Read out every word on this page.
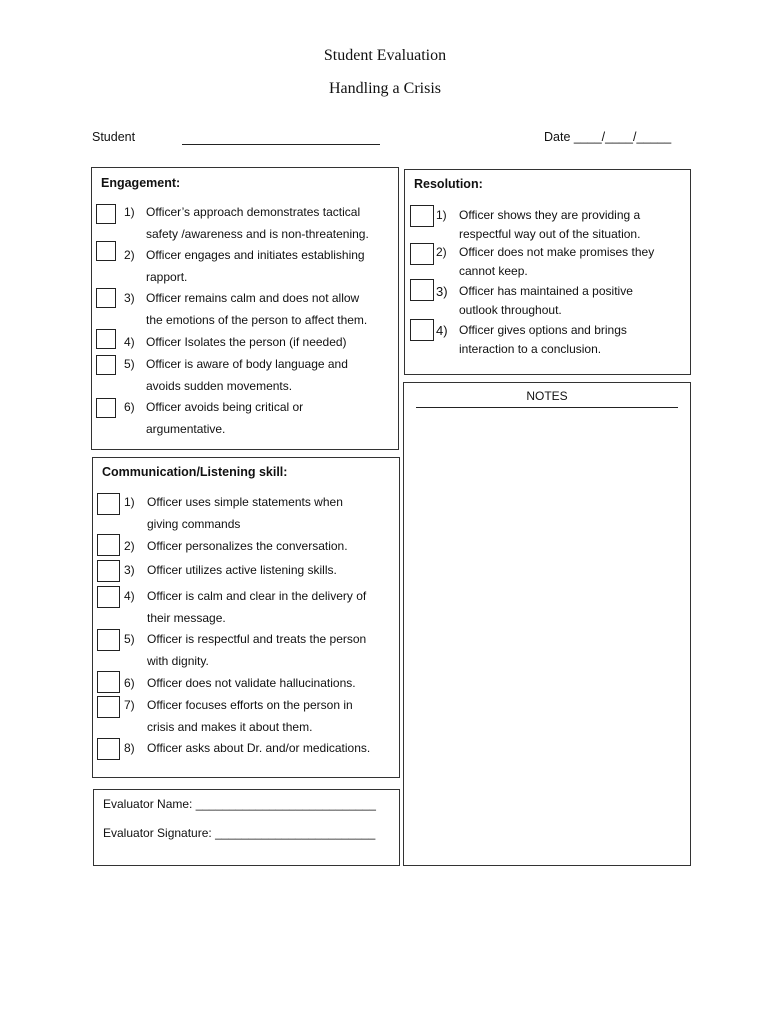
Student Evaluation
Handling a Crisis
Student	Date ____/____/_____
Engagement:
1) Officer’s approach demonstrates tactical
safety /awareness and is non-threatening.
2) Officer engages and initiates establishing
rapport.
3) Officer remains calm and does not allow
the emotions of the person to affect them.
4) Officer Isolates the person (if needed)
5) Officer is aware of body language and
avoids sudden movements.
6) Officer avoids being critical or
argumentative.
Resolution:
1)	Officer shows they are providing a
respectful way out of the situation.
2)	Officer does not make promises they
cannot keep.
3) Officer has maintained a positive
outlook throughout.
4) Officer gives options and brings
interaction to a conclusion.
NOTES
Communication/Listening skill:
1)	Officer uses simple statements when
giving commands
2)	Officer personalizes the conversation.
3)	Officer utilizes active listening skills.
4)	Officer is calm and clear in the delivery of
their message.
5)	Officer is respectful and treats the person
with dignity.
6)	Officer does not validate hallucinations.
7)	Officer focuses efforts on the person in
crisis and makes it about them.
8)	Officer asks about Dr. and/or medications.
Evaluator Name: ___________________________
Evaluator Signature: ________________________
